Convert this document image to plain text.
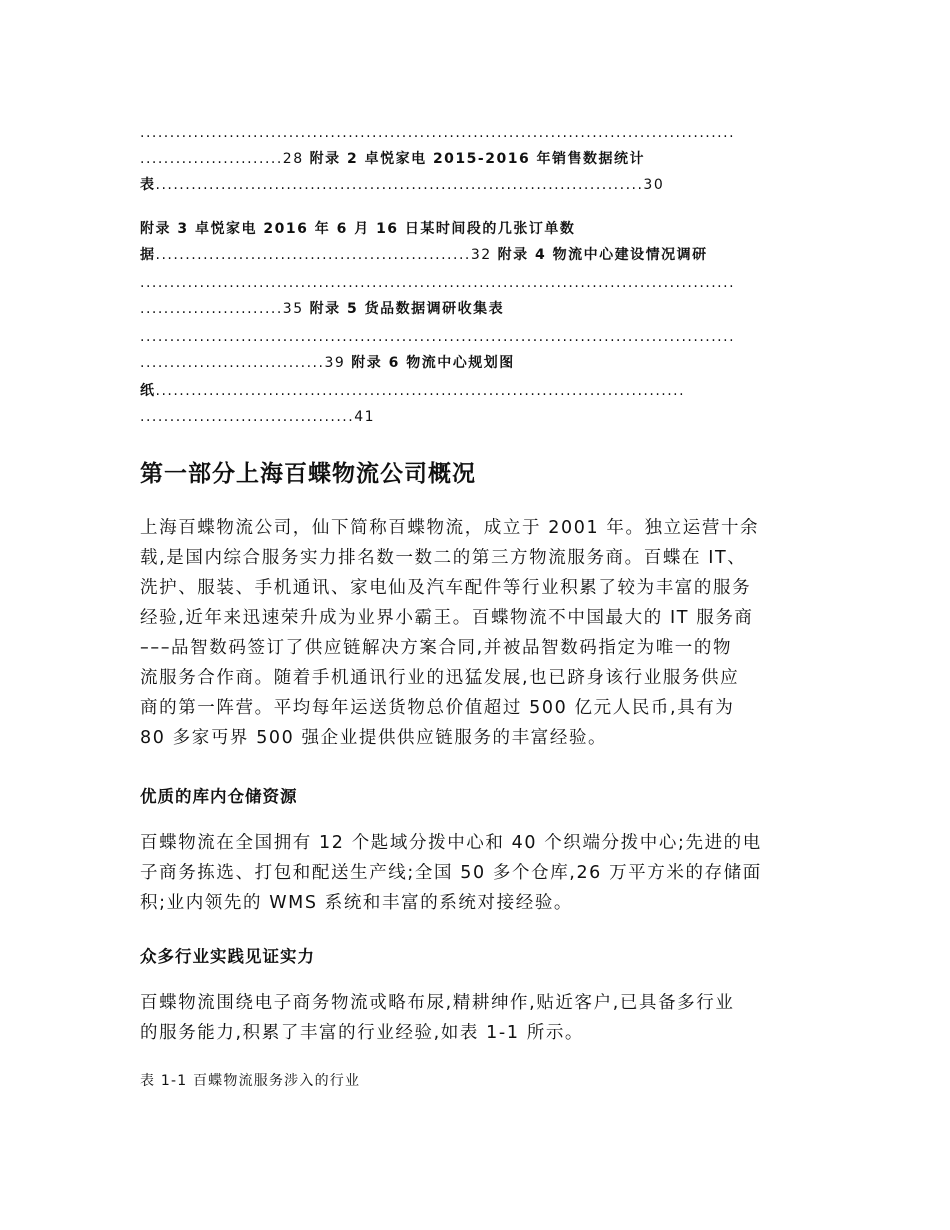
....................................................................................................
........................28 附录 2 卓悦家电 2015-2016 年销售数据统计
表..................................................................................30
附录 3 卓悦家电 2016 年 6 月 16 日某时间段的几张订单数
据.....................................................32 附录 4 物流中心建设情况调研
....................................................................................................
........................35 附录 5 货品数据调研收集表
....................................................................................................
...............................39 附录 6 物流中心规划图
纸.........................................................................................
....................................41
第一部分上海百蝶物流公司概况
上海百蝶物流公司，仙下简称百蝶物流，成立于 2001 年。独立运营十余
载,是国内综合服务实力排名数一数二的第三方物流服务商。百蝶在 IT、
洗护、服装、手机通讯、家电仙及汽车配件等行业积累了较为丰富的服务
经验,近年来迅速荣升成为业界小霸王。百蝶物流不中国最大的 IT 服务商
–––品智数码签订了供应链解决方案合同,并被品智数码指定为唯一的物
流服务合作商。随着手机通讯行业的迅猛发展,也已跻身该行业服务供应
商的第一阵营。平均每年运送货物总价值超过 500 亿元人民币,具有为
80 多家丏界 500 强企业提供供应链服务的丰富经验。
优质的库内仓储资源
百蝶物流在全国拥有 12 个匙域分拨中心和 40 个织端分拨中心;先进的电
子商务拣选、打包和配送生产线;全国 50 多个仓库,26 万平方米的存储面
积;业内领先的 WMS 系统和丰富的系统对接经验。
众多行业实践见证实力
百蝶物流围绕电子商务物流戓略布尿,精耕绅作,贴近客户,已具备多行业
的服务能力,积累了丰富的行业经验,如表 1-1 所示。
表 1-1 百蝶物流服务涉入的行业
